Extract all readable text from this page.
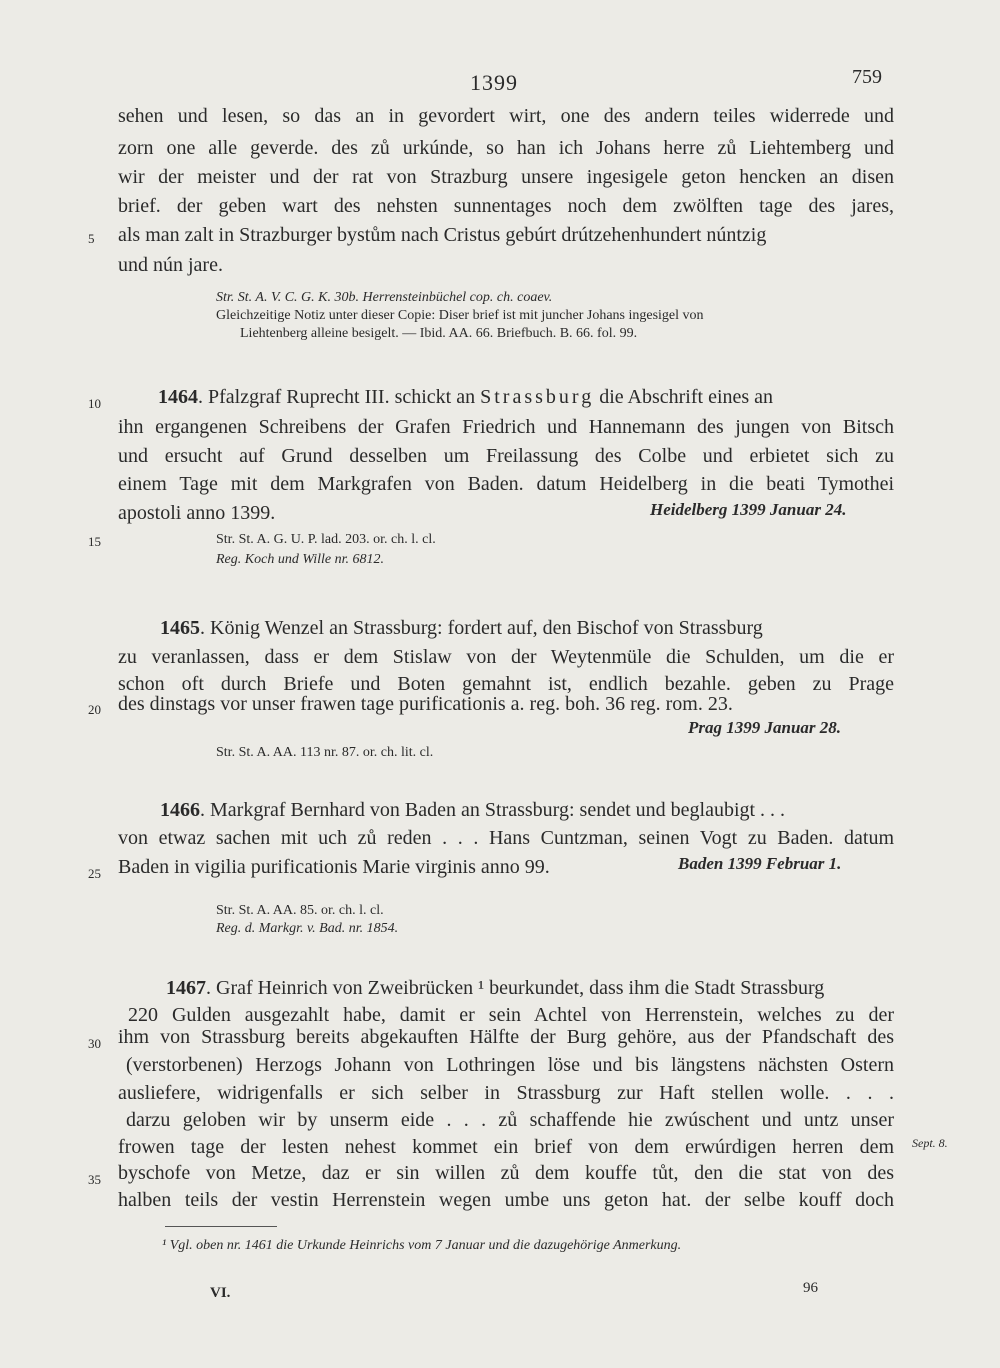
1399	759
sehen und lesen, so das an in gevordert wirt, one des andern teiles widerrede und
zorn one alle geverde. des zů urkúnde, so han ich Johans herre zů Liehtemberg und
wir der meister und der rat von Strazburg unsere ingesigele geton hencken an disen
brief. der geben wart des nehsten sunnentages noch dem zwölften tage des jares,
5 als man zalt in Strazburger bystům nach Cristus gebúrt drútzehenhundert núntzig
und nún jare.
Str. St. A. V. C. G. K. 30b. Herrensteinbüchel cop. ch. coaev.
Gleichzeitige Notiz unter dieser Copie: Diser brief ist mit juncher Johans ingesigel von
Liehtenberg alleine besigelt. — Ibid. AA. 66. Briefbuch. B. 66. fol. 99.
10	1464. Pfalzgraf Ruprecht III. schickt an Strassburg die Abschrift eines an
ihn ergangenen Schreibens der Grafen Friedrich und Hannemann des jungen von Bitsch
und ersucht auf Grund desselben um Freilassung des Colbe und erbietet sich zu
einem Tage mit dem Markgrafen von Baden. datum Heidelberg in die beati Tymothei
apostoli anno 1399.	Heidelberg 1399 Januar 24.
15	Str. St. A. G. U. P. lad. 203. or. ch. l. cl.
Reg. Koch und Wille nr. 6812.
1465. König Wenzel an Strassburg: fordert auf, den Bischof von Strassburg
zu veranlassen, dass er dem Stislaw von der Weytenmüle die Schulden, um die er
schon oft durch Briefe und Boten gemahnt ist, endlich bezahle. geben zu Prage
20 des dinstags vor unser frawen tage purificationis a. reg. boh. 36 reg. rom. 23.
Prag 1399 Januar 28.
Str. St. A. AA. 113 nr. 87. or. ch. lit. cl.
1466. Markgraf Bernhard von Baden an Strassburg: sendet und beglaubigt . . .
von etwaz sachen mit uch zů reden . . . Hans Cuntzman, seinen Vogt zu Baden. datum
25 Baden in vigilia purificationis Marie virginis anno 99.	Baden 1399 Februar 1.
Str. St. A. AA. 85. or. ch. l. cl.
Reg. d. Markgr. v. Bad. nr. 1854.
1467. Graf Heinrich von Zweibrücken ¹ beurkundet, dass ihm die Stadt Strassburg
220 Gulden ausgezahlt habe, damit er sein Achtel von Herrenstein, welches zu der
30 ihm von Strassburg bereits abgekauften Hälfte der Burg gehöre, aus der Pfandschaft des
(verstorbenen) Herzogs Johann von Lothringen löse und bis längstens nächsten Ostern
ausliefere, widrigenfalls er sich selber in Strassburg zur Haft stellen wolle. . . .
darzu geloben wir by unserm eide . . . zů schaffende hie zwúschent und untz unser
frowen tage der lesten nehest kommet ein brief von dem erwúrdigen herren dem Sept. 8.
35 byschofe von Metze, daz er sin willen zů dem kouffe tůt, den die stat von des
halben teils der vestin Herrenstein wegen umbe uns geton hat. der selbe kouff doch
¹ Vgl. oben nr. 1461 die Urkunde Heinrichs vom 7 Januar und die dazugehörige Anmerkung.
VI.	96
